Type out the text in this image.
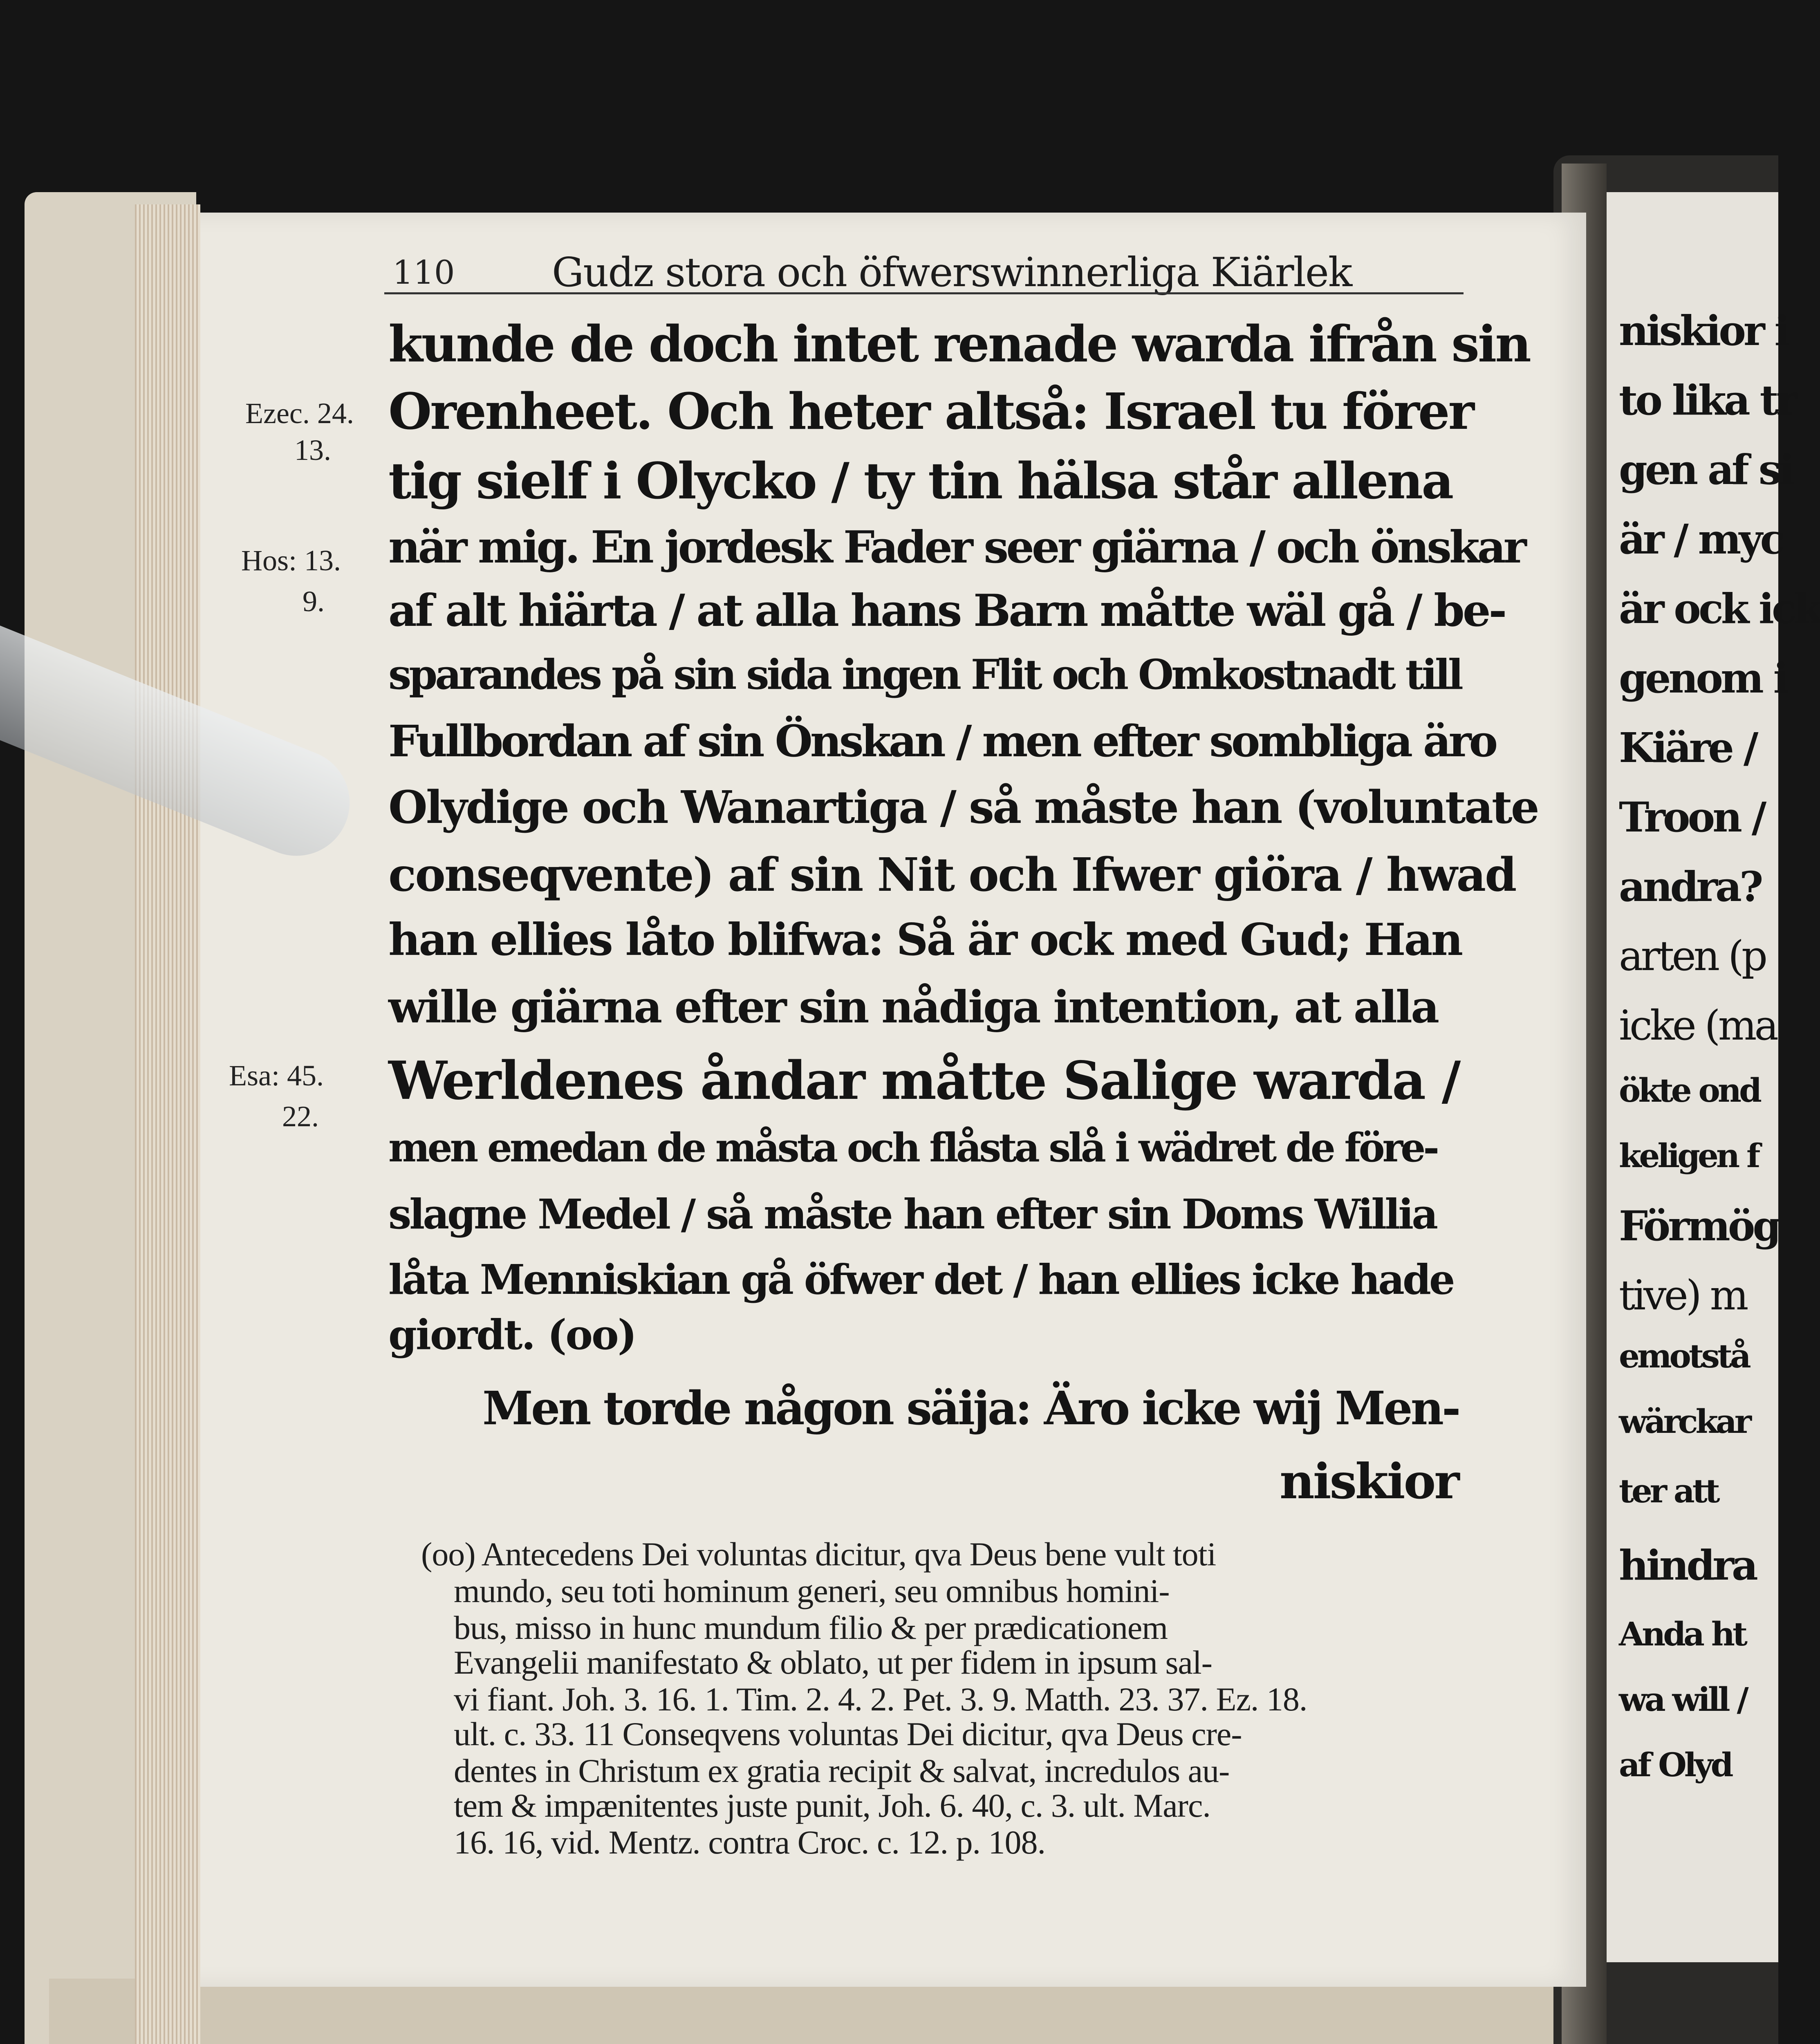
110 Gudz stora och öfwerswinnerliga Kiärlek
kunde de doch intet renade warda ifrån sin
Orenheet. Och heter altså: Israel tu förer
tig sielf i Olycko / ty tin hälsa står allena
när mig. En jordesk Fader seer giärna / och önskar
af alt hiärta / at alla hans Barn måtte wäl gå / be-
sparandes på sin sida ingen Flit och Omkostnadt till
Fullbordan af sin Önskan / men efter sombliga äro
Olydige och Wanartiga / så måste han (voluntate
conseqvente) af sin Nit och Ifwer giöra / hwad
han ellies låto blifwa: Så är ock med Gud; Han
wille giärna efter sin nådiga intention, at alla
Werldenes åndar måtte Salige warda /
men emedan de måsta och flåsta slå i wädret de före-
slagne Medel / så måste han efter sin Doms Willia
låta Menniskian gå öfwer det / han ellies icke hade
giordt. (oo)
Men torde någon säija: Äro icke wij Men-
niskior
Ezec. 24.
13.
Hos: 13.
9.
Esa: 45.
22.
(oo) Antecedens Dei voluntas dicitur, qva Deus bene vult toti
mundo, seu toti hominum generi, seu omnibus homini-
bus, misso in hunc mundum filio & per prædicationem
Evangelii manifestato & oblato, ut per fidem in ipsum sal-
vi fiant. Joh. 3. 16. 1. Tim. 2. 4. 2. Pet. 3. 9. Matth. 23. 37. Ez. 18.
ult. c. 33. 11 Conseqvens voluntas Dei dicitur, qva Deus cre-
dentes in Christum ex gratia recipit & salvat, incredulos au-
tem & impænitentes juste punit, Joh. 6. 40, c. 3. ult. Marc.
16. 16, vid. Mentz. contra Croc. c. 12. p. 108.
niskior i
to lika tr
gen af si
är / myc
är ock ick
genom i
Kiäre /
Troon /
andra?
arten (p
icke (ma
ökte ond
keligen f
Förmög
tive) m
emotstå
wärckar
ter att
hindra
Anda ht
wa will /
af Olyd
